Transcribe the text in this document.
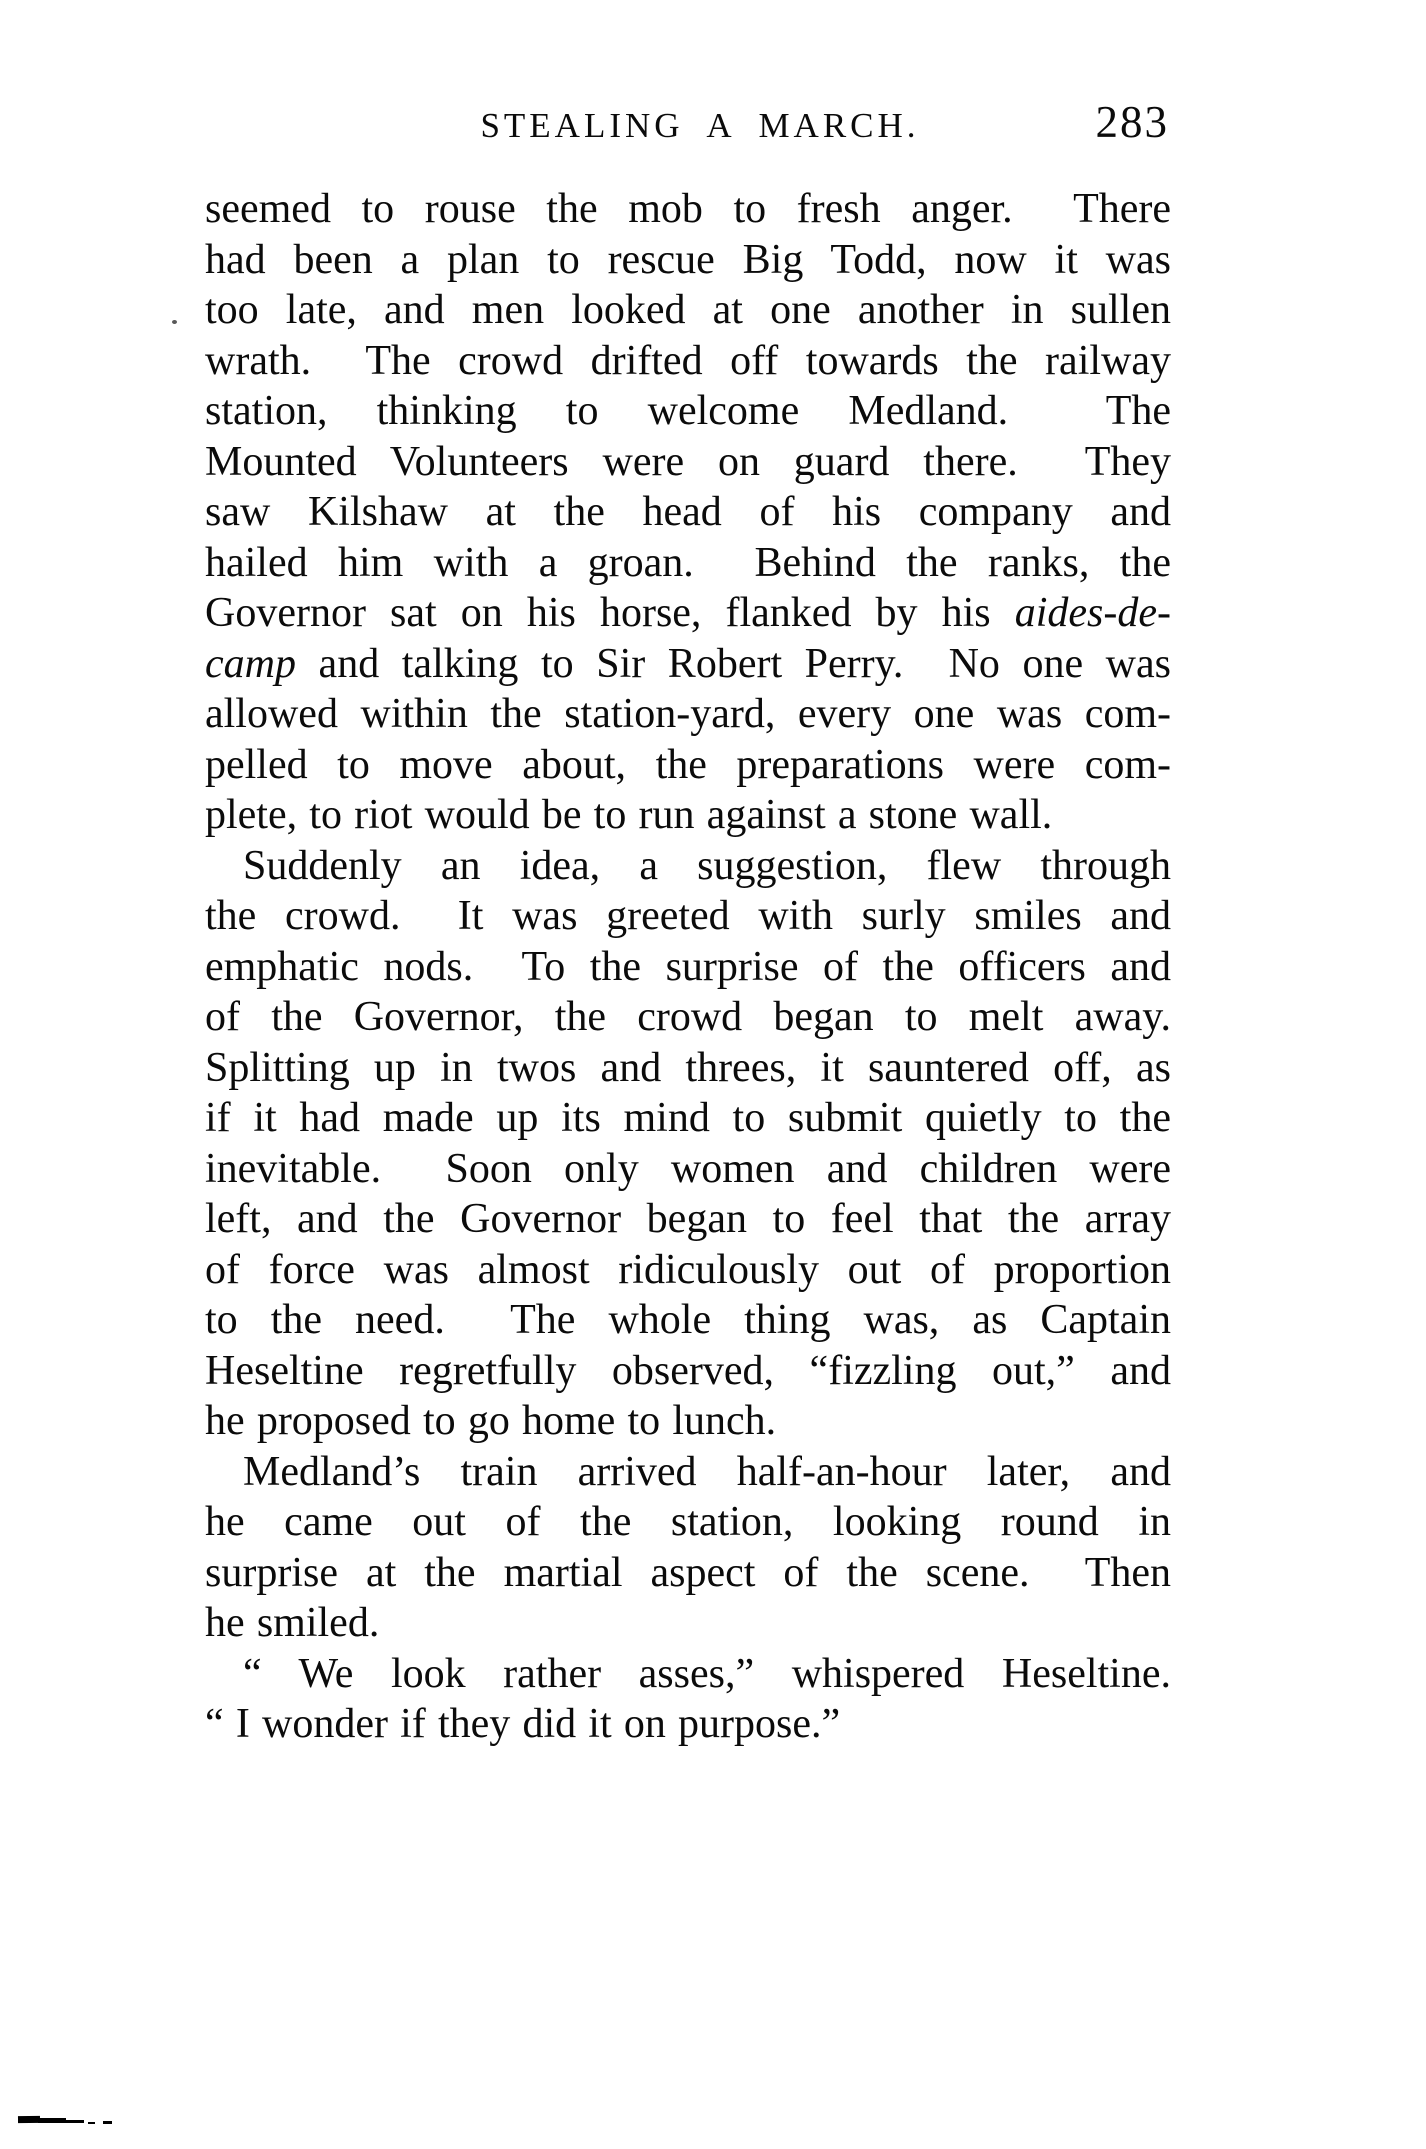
STEALING A MARCH.	283
seemed to rouse the mob to fresh anger.  There
had been a plan to rescue Big Todd, now it was
too late, and men looked at one another in sullen
wrath.  The crowd drifted off towards the railway
station, thinking to welcome Medland.  The
Mounted Volunteers were on guard there.  They
saw Kilshaw at the head of his company and
hailed him with a groan.  Behind the ranks, the
Governor sat on his horse, flanked by his aides-de-
camp and talking to Sir Robert Perry.  No one was
allowed within the station-yard, every one was com-
pelled to move about, the preparations were com-
plete, to riot would be to run against a stone wall.
Suddenly an idea, a suggestion, flew through
the crowd.  It was greeted with surly smiles and
emphatic nods.  To the surprise of the officers and
of the Governor, the crowd began to melt away.
Splitting up in twos and threes, it sauntered off, as
if it had made up its mind to submit quietly to the
inevitable.  Soon only women and children were
left, and the Governor began to feel that the array
of force was almost ridiculously out of proportion
to the need.  The whole thing was, as Captain
Heseltine regretfully observed, “fizzling out,” and
he proposed to go home to lunch.
Medland’s train arrived half-an-hour later, and
he came out of the station, looking round in
surprise at the martial aspect of the scene.  Then
he smiled.
“ We look rather asses,” whispered Heseltine.
“ I wonder if they did it on purpose.”
